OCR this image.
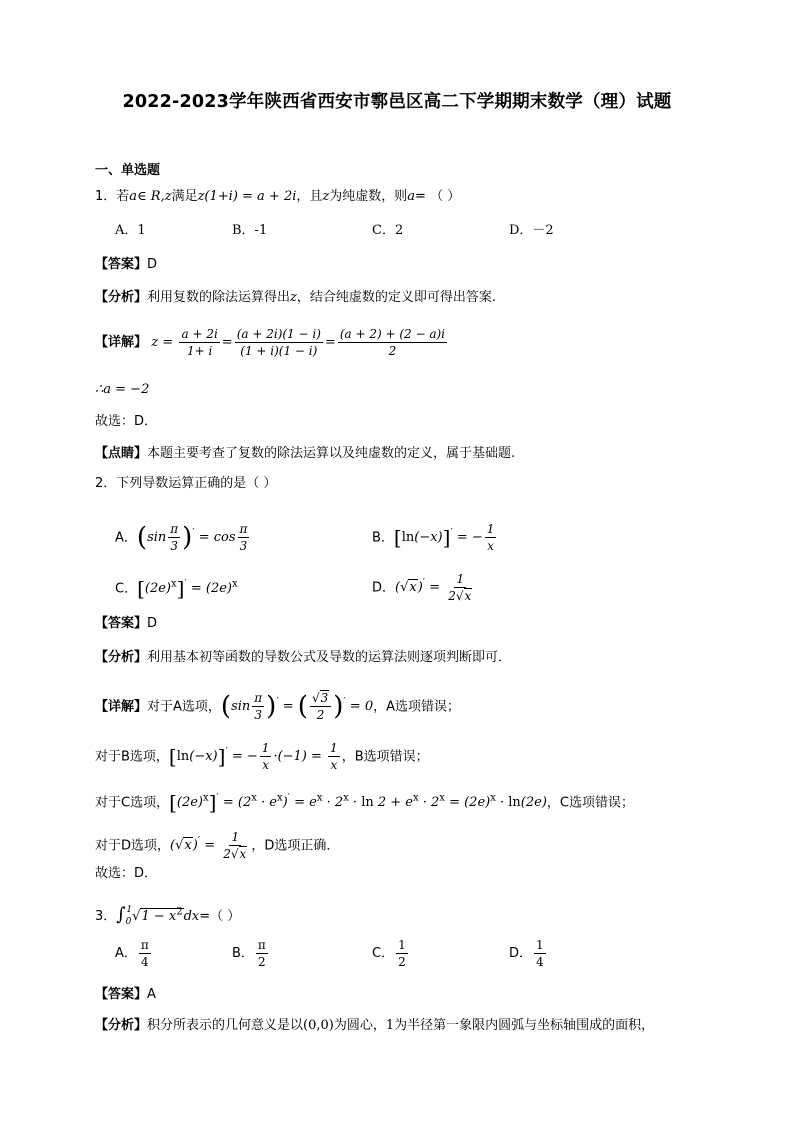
2022-2023学年陕西省西安市鄠邑区高二下学期期末数学（理）试题
一、单选题
1．若a∈ R,z满足z(1+i) = a + 2i，且z为纯虚数，则a= （ ）
A．1	B．-1	C．2	D．－2
【答案】D
【分析】利用复数的除法运算得出z，结合纯虚数的定义即可得出答案.
【详解】 $z = \frac{a + 2i}{1+ i} = \frac{(a + 2i)(1 - i)}{(1 + i)(1 - i)} = \frac{(a + 2) + (2 - a)i}{2}$
∴a = −2
故选：D．
【点睛】本题主要考查了复数的除法运算以及纯虚数的定义，属于基础题.
2．下列导数运算正确的是（ ）
A．$(\sin \frac{\pi}{3} )' = \cos \frac{\pi}{3}$	B．[ln(−x)]′ = − $\frac{1}{x}$
C．$[(2e)^x]' = (2e)^x$	D．$(√x)' = \frac{1}{2√x}$
【答案】D
【分析】利用基本初等函数的导数公式及导数的运算法则逐项判断即可．
【详解】对于A选项，$(\sin \frac{\pi}{3} )'$ = ( $\frac{√3}{2} )' = 0$，A选项错误；
对于B选项，[ln(−x)]′ = − $\frac{1}{x} \cdot(-1) = \frac{1}{x}$ ，B选项错误；
对于C选项，$[(2e)^x]' = (2^x \cdot e^x)' = e^x \cdot 2^x \cdot \ln 2 + e^x \cdot 2^x = (2e)^x \cdot \ln(2e)$，C选项错误；
对于D选项，$(√x)' = \frac{1}{2√x}$ ，D选项正确．
故选：D．
3．$\int_0^1√1 - x^2dx=$（ ）
A． $\frac{\pi}{4}$	B． $\frac{\pi}{2}$	C． $\frac{1}{2}$	D． $\frac{1}{4}$
【答案】A
【分析】积分所表示的几何意义是以(0,0)为圆心，1为半径第一象限内圆弧与坐标轴围成的面积，
